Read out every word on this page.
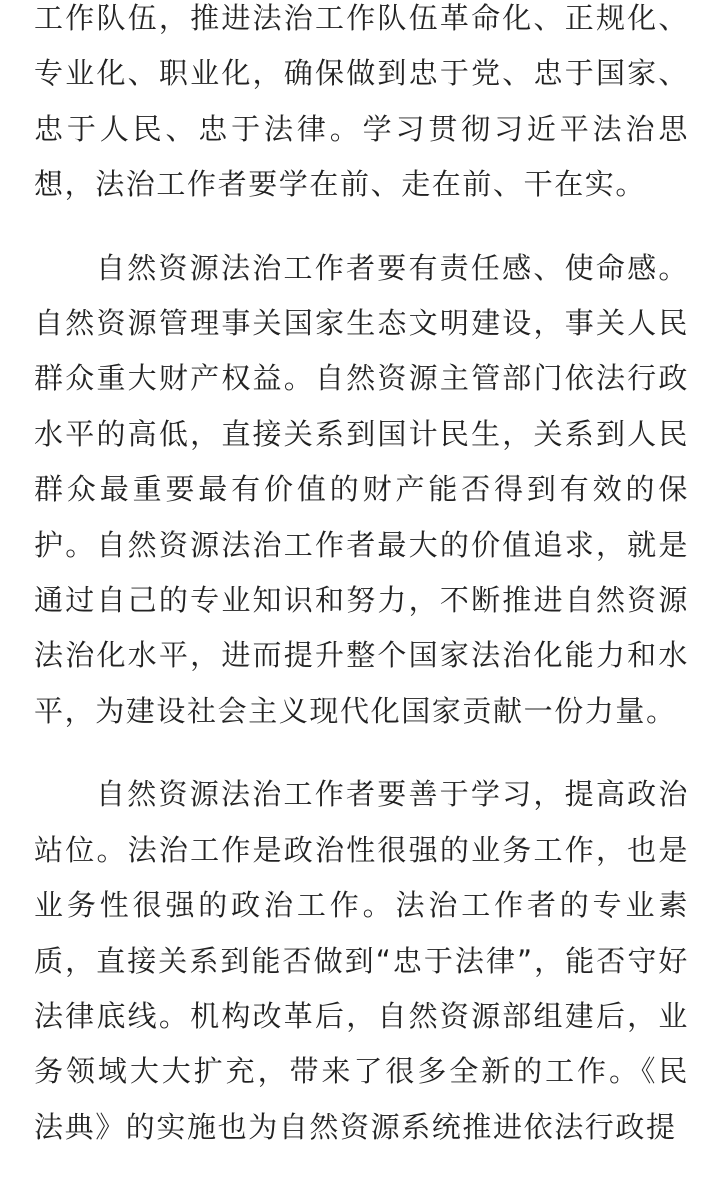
工作队伍，推进法治工作队伍革命化、正规化、专业化、职业化，确保做到忠于党、忠于国家、忠于人民、忠于法律。学习贯彻习近平法治思想，法治工作者要学在前、走在前、干在实。

自然资源法治工作者要有责任感、使命感。自然资源管理事关国家生态文明建设，事关人民群众重大财产权益。自然资源主管部门依法行政水平的高低，直接关系到国计民生，关系到人民群众最重要最有价值的财产能否得到有效的保护。自然资源法治工作者最大的价值追求，就是通过自己的专业知识和努力，不断推进自然资源法治化水平，进而提升整个国家法治化能力和水平，为建设社会主义现代化国家贡献一份力量。

自然资源法治工作者要善于学习，提高政治站位。法治工作是政治性很强的业务工作，也是业务性很强的政治工作。法治工作者的专业素质，直接关系到能否做到“忠于法律”，能否守好法律底线。机构改革后，自然资源部组建后，业务领域大大扩充，带来了很多全新的工作。《民法典》的实施也为自然资源系统推进依法行政提
